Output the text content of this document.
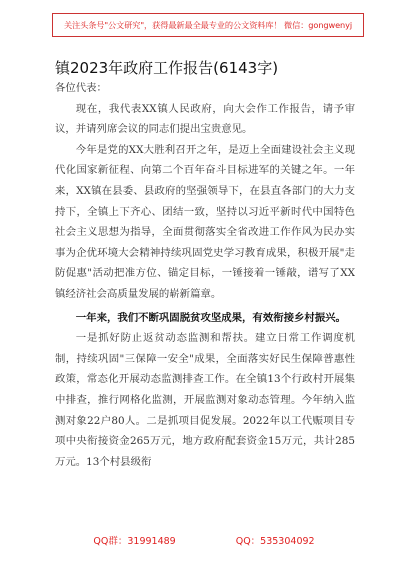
关注头条号"公文研究"，获得最新最全最专业的公文资料库！ 微信：gongwenyj
镇2023年政府工作报告(6143字)

各位代表：

现在，我代表XX镇人民政府，向大会作工作报告，请予审议，并请列席会议的同志们提出宝贵意见。

今年是党的XX大胜利召开之年，是迈上全面建设社会主义现代化国家新征程、向第二个百年奋斗目标进军的关键之年。一年来，XX镇在县委、县政府的坚强领导下，在县直各部门的大力支持下，全镇上下齐心、团结一致，坚持以习近平新时代中国特色社会主义思想为指导，全面贯彻落实全省改进工作作风为民办实事为企优环境大会精神持续巩固党史学习教育成果，积极开展"走防促惠"活动把准方位、锚定目标，一锤接着一锤敲，谱写了XX镇经济社会高质量发展的崭新篇章。

一年来，我们不断巩固脱贫攻坚成果，有效衔接乡村振兴。

一是抓好防止返贫动态监测和帮扶。建立日常工作调度机制，持续巩固"三保障一安全"成果，全面落实好民生保障普惠性政策，常态化开展动态监测排查工作。在全镇13个行政村开展集中排查，推行网格化监测，开展监测对象动态管理。今年纳入监测对象22户80人。二是抓项目促发展。2022年以工代赈项目专项中央衔接资金265万元，地方政府配套资金15万元，共计285万元。13个村县级衔

QQ群：31991489	QQ：535304092
